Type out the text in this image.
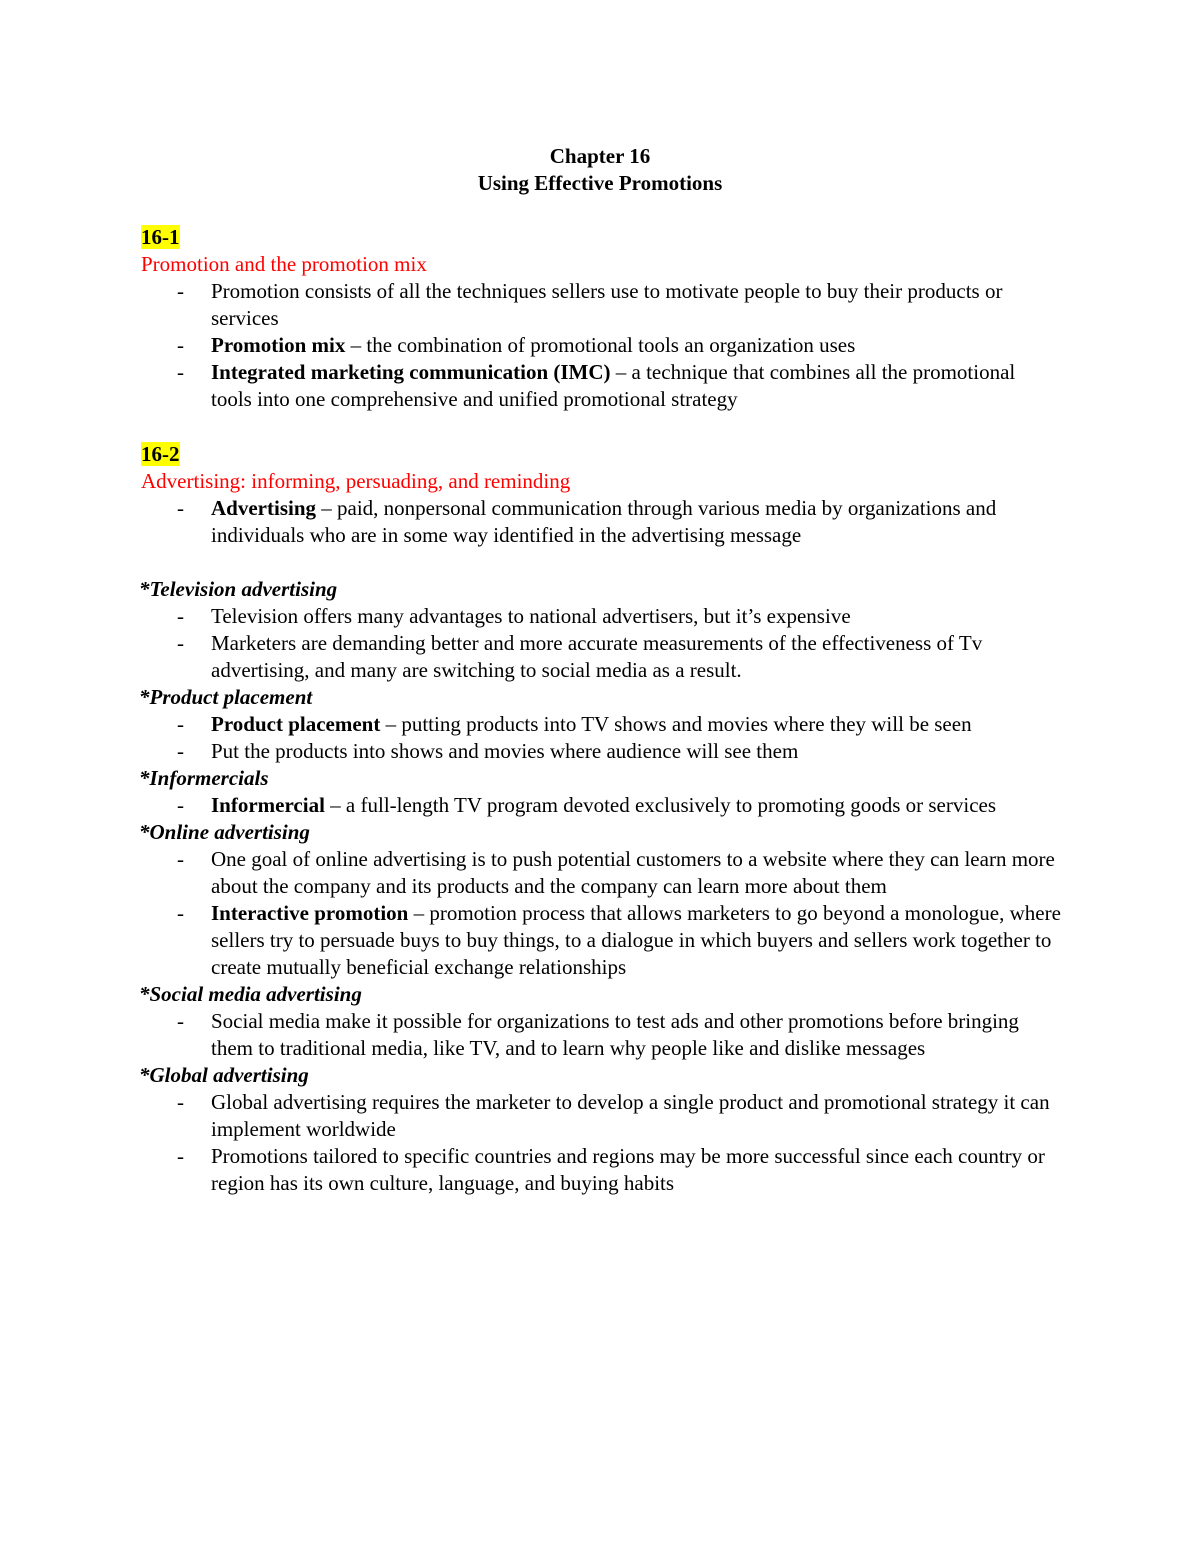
Chapter 16
Using Effective Promotions
16-1
Promotion and the promotion mix
- Promotion consists of all the techniques sellers use to motivate people to buy their products or services
- Promotion mix – the combination of promotional tools an organization uses
- Integrated marketing communication (IMC) – a technique that combines all the promotional tools into one comprehensive and unified promotional strategy
16-2
Advertising: informing, persuading, and reminding
- Advertising – paid, nonpersonal communication through various media by organizations and individuals who are in some way identified in the advertising message
*Television advertising
- Television offers many advantages to national advertisers, but it’s expensive
- Marketers are demanding better and more accurate measurements of the effectiveness of Tv advertising, and many are switching to social media as a result.
*Product placement
- Product placement – putting products into TV shows and movies where they will be seen
- Put the products into shows and movies where audience will see them
*Informercials
- Informercial – a full-length TV program devoted exclusively to promoting goods or services
*Online advertising
- One goal of online advertising is to push potential customers to a website where they can learn more about the company and its products and the company can learn more about them
- Interactive promotion – promotion process that allows marketers to go beyond a monologue, where sellers try to persuade buys to buy things, to a dialogue in which buyers and sellers work together to create mutually beneficial exchange relationships
*Social media advertising
- Social media make it possible for organizations to test ads and other promotions before bringing them to traditional media, like TV, and to learn why people like and dislike messages
*Global advertising
- Global advertising requires the marketer to develop a single product and promotional strategy it can implement worldwide
- Promotions tailored to specific countries and regions may be more successful since each country or region has its own culture, language, and buying habits
